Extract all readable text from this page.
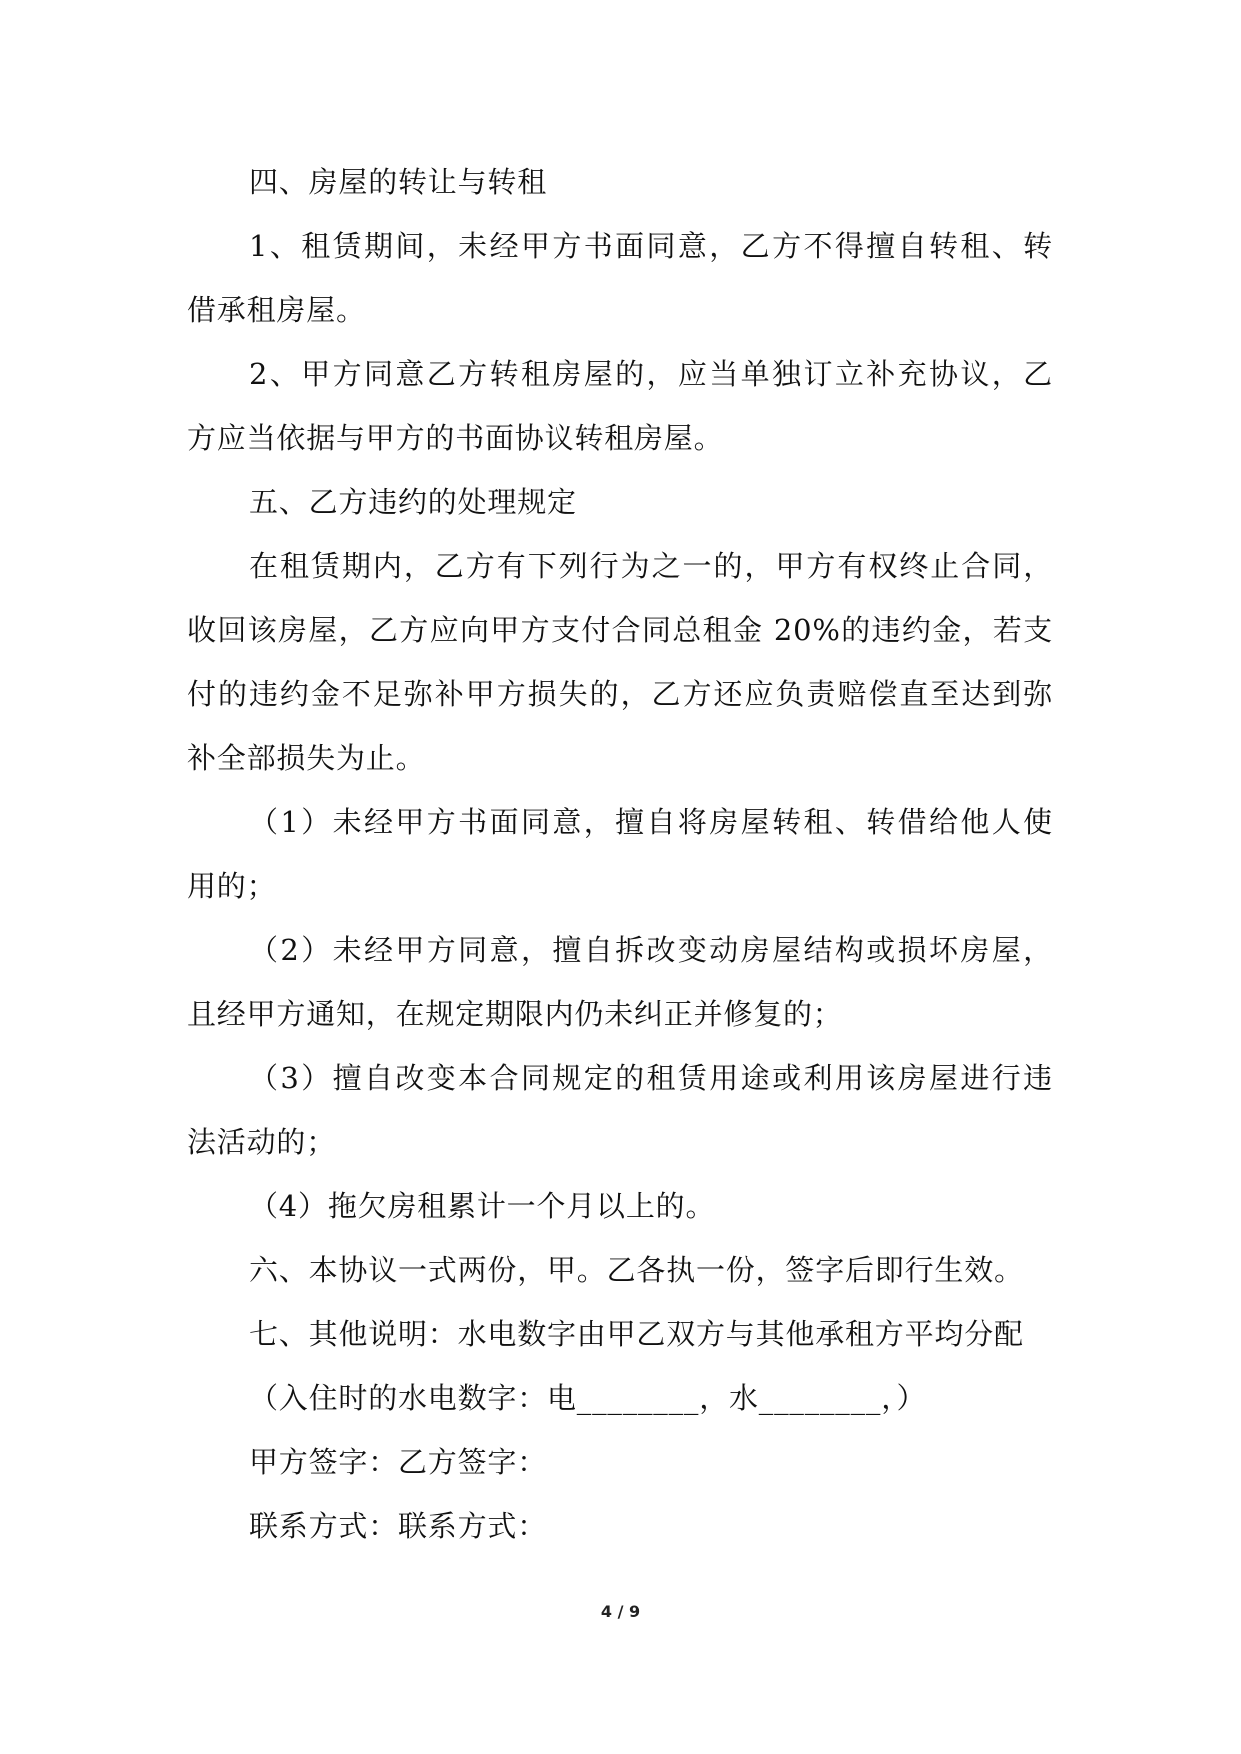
四、房屋的转让与转租
1、租赁期间，未经甲方书面同意，乙方不得擅自转租、转
借承租房屋。
2、甲方同意乙方转租房屋的，应当单独订立补充协议，乙
方应当依据与甲方的书面协议转租房屋。
五、乙方违约的处理规定
在租赁期内，乙方有下列行为之一的，甲方有权终止合同，
收回该房屋，乙方应向甲方支付合同总租金 20%的违约金，若支
付的违约金不足弥补甲方损失的，乙方还应负责赔偿直至达到弥
补全部损失为止。
（1）未经甲方书面同意，擅自将房屋转租、转借给他人使
用的；
（2）未经甲方同意，擅自拆改变动房屋结构或损坏房屋，
且经甲方通知，在规定期限内仍未纠正并修复的；
（3）擅自改变本合同规定的租赁用途或利用该房屋进行违
法活动的；
（4）拖欠房租累计一个月以上的。
六、本协议一式两份，甲。乙各执一份，签字后即行生效。
七、其他说明：水电数字由甲乙双方与其他承租方平均分配
（入住时的水电数字：电________，水________，）
甲方签字：乙方签字：
联系方式：联系方式：
4 / 9
